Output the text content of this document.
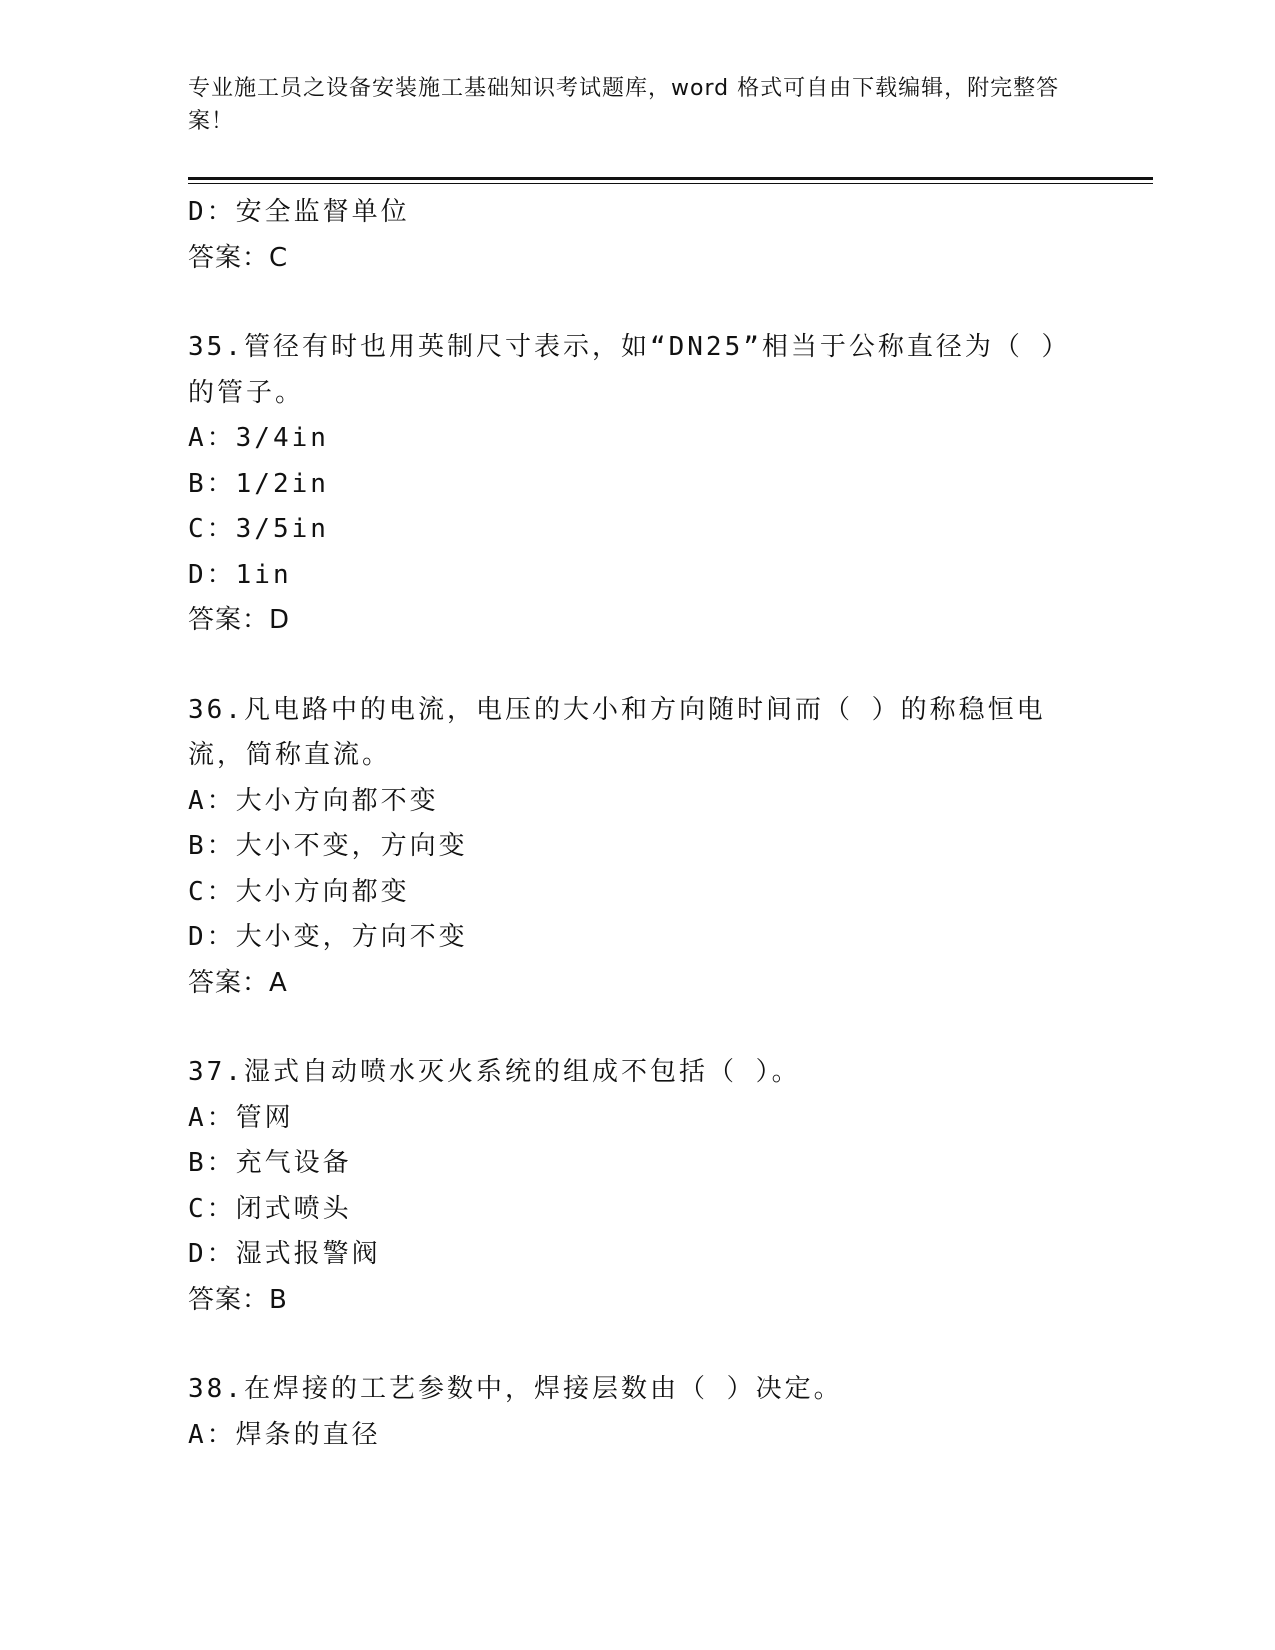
专业施工员之设备安装施工基础知识考试题库，word 格式可自由下载编辑，附完整答案！
D：安全监督单位
答案：C
35.管径有时也用英制尺寸表示，如“DN25”相当于公称直径为（ ）的管子。
A：3/4in
B：1/2in
C：3/5in
D：1in
答案：D
36.凡电路中的电流，电压的大小和方向随时间而（ ）的称稳恒电流，简称直流。
A：大小方向都不变
B：大小不变，方向变
C：大小方向都变
D：大小变，方向不变
答案：A
37.湿式自动喷水灭火系统的组成不包括（ ）。
A：管网
B：充气设备
C：闭式喷头
D：湿式报警阀
答案：B
38.在焊接的工艺参数中，焊接层数由（ ）决定。
A：焊条的直径
